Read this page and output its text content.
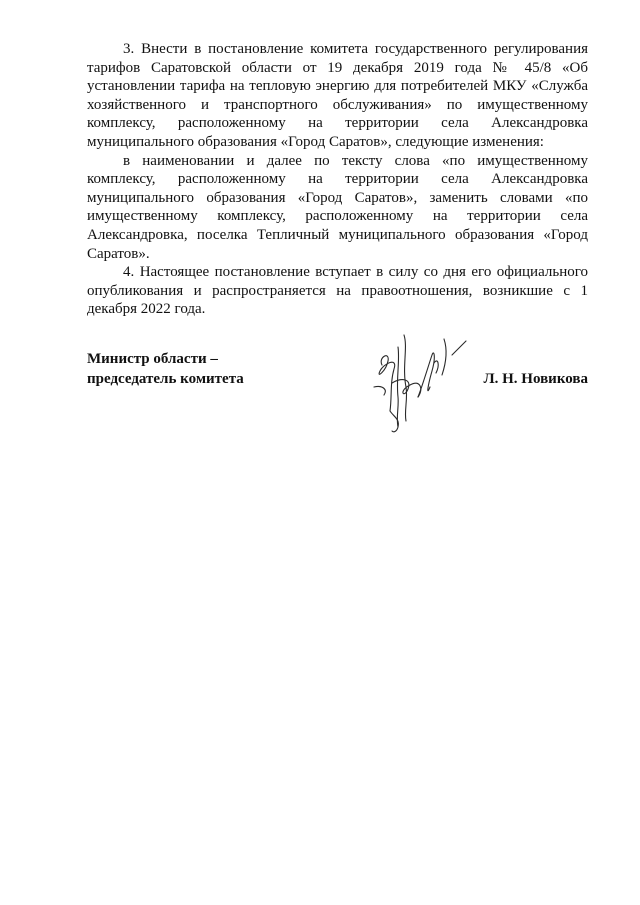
3. Внести в постановление комитета государственного регулирования тарифов Саратовской области от 19 декабря 2019 года № 45/8 «Об установлении тарифа на тепловую энергию для потребителей МКУ «Служба хозяйственного и транспортного обслуживания» по имущественному комплексу, расположенному на территории села Александровка муниципального образования «Город Саратов», следующие изменения:

в наименовании и далее по тексту слова «по имущественному комплексу, расположенному на территории села Александровка муниципального образования «Город Саратов», заменить словами «по имущественному комплексу, расположенному на территории села Александровка, поселка Тепличный муниципального образования «Город Саратов».

4. Настоящее постановление вступает в силу со дня его официального опубликования и распространяется на правоотношения, возникшие с 1 декабря 2022 года.

Министр области –
председатель комитета	Л. Н. Новикова
